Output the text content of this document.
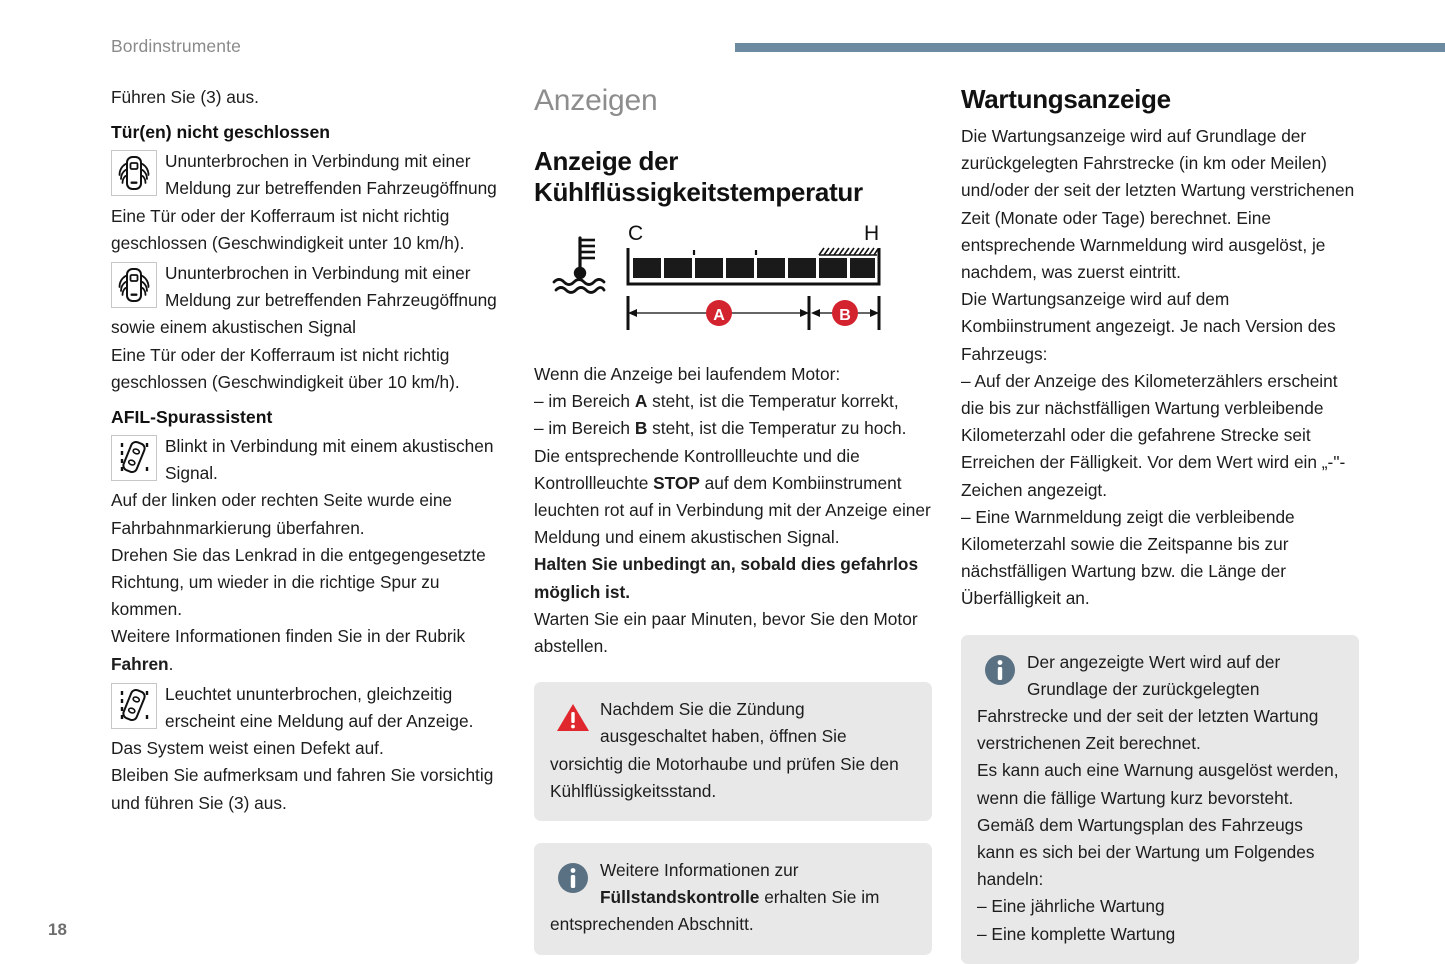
Bordinstrumente

Führen Sie (3) aus.

Tür(en) nicht geschlossen
Ununterbrochen in Verbindung mit einer Meldung zur betreffenden Fahrzeugöffnung

Eine Tür oder der Kofferraum ist nicht richtig geschlossen (Geschwindigkeit unter 10 km/h).

Ununterbrochen in Verbindung mit einer Meldung zur betreffenden Fahrzeugöffnung sowie einem akustischen Signal

Eine Tür oder der Kofferraum ist nicht richtig geschlossen (Geschwindigkeit über 10 km/h).

AFIL-Spurassistent
Blinkt in Verbindung mit einem akustischen Signal.

Auf der linken oder rechten Seite wurde eine Fahrbahnmarkierung überfahren.

Drehen Sie das Lenkrad in die entgegengesetzte Richtung, um wieder in die richtige Spur zu kommen.

Weitere Informationen finden Sie in der Rubrik Fahren.

Leuchtet ununterbrochen, gleichzeitig erscheint eine Meldung auf der Anzeige.

Das System weist einen Defekt auf.

Bleiben Sie aufmerksam und fahren Sie vorsichtig und führen Sie (3) aus.

Anzeigen
Anzeige der
Kühlflüssigkeitstemperatur
C	H
A	B

Wenn die Anzeige bei laufendem Motor:

– im Bereich A steht, ist die Temperatur korrekt,

– im Bereich B steht, ist die Temperatur zu hoch.

Die entsprechende Kontrollleuchte und die Kontrollleuchte STOP auf dem Kombiinstrument leuchten rot auf in Verbindung mit der Anzeige einer Meldung und einem akustischen Signal.

Halten Sie unbedingt an, sobald dies gefahrlos möglich ist.

Warten Sie ein paar Minuten, bevor Sie den Motor abstellen.

Nachdem Sie die Zündung ausgeschaltet haben, öffnen Sie vorsichtig die Motorhaube und prüfen Sie den Kühlflüssigkeitsstand.
Weitere Informationen zur Füllstandskontrolle erhalten Sie im entsprechenden Abschnitt.
Wartungsanzeige

Die Wartungsanzeige wird auf Grundlage der zurückgelegten Fahrstrecke (in km oder Meilen) und/oder der seit der letzten Wartung verstrichenen Zeit (Monate oder Tage) berechnet. Eine entsprechende Warnmeldung wird ausgelöst, je nachdem, was zuerst eintritt.

Die Wartungsanzeige wird auf dem Kombiinstrument angezeigt. Je nach Version des Fahrzeugs:

– Auf der Anzeige des Kilometerzählers erscheint die bis zur nächstfälligen Wartung verbleibende Kilometerzahl oder die gefahrene Strecke seit Erreichen der Fälligkeit. Vor dem Wert wird ein „-"-Zeichen angezeigt.

– Eine Warnmeldung zeigt die verbleibende Kilometerzahl sowie die Zeitspanne bis zur nächstfälligen Wartung bzw. die Länge der Überfälligkeit an.

Der angezeigte Wert wird auf der Grundlage der zurückgelegten Fahrstrecke und der seit der letzten Wartung verstrichenen Zeit berechnet.
Es kann auch eine Warnung ausgelöst werden, wenn die fällige Wartung kurz bevorsteht.
Gemäß dem Wartungsplan des Fahrzeugs kann es sich bei der Wartung um Folgendes handeln:
– Eine jährliche Wartung
– Eine komplette Wartung
18
